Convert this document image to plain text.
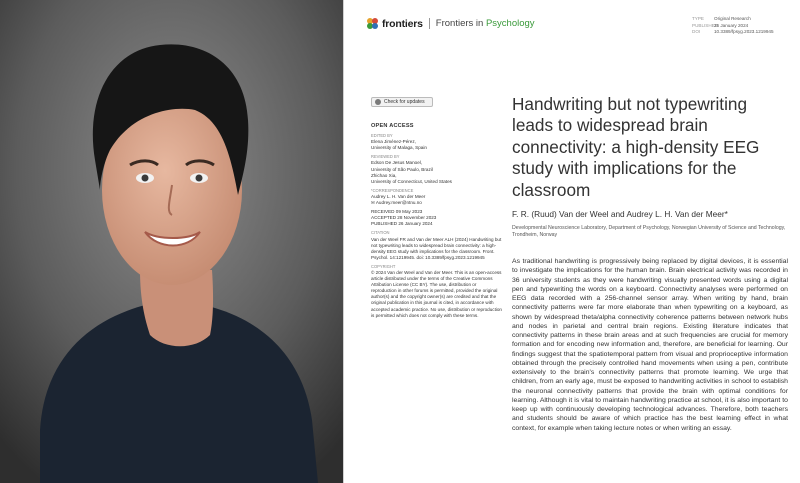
frontiers Frontiers in Psychology	TYPE Original Research
PUBLISHED26 January 2024
DOI	10.3389/fpsyg.2023.1219945
Check for updates
OPEN ACCESS
EDITED BY
Elena Jiménez-Pérez,
University of Malaga, Spain
REVIEWED BY
Edson De Jesus Manoel,
University of São Paulo, Brazil
Zhichao Xia,
University of Connecticut, United States
*CORRESPONDENCE
Audrey L. H. Van der Meer
✉ Audrey.meer@ntnu.no
RECEIVED 09 May 2023
ACCEPTED 28 November 2023
PUBLISHED 26 January 2024
CITATION
Van der Weel FR and Van der Meer ALH (2024) Handwriting but not typewriting leads to widespread brain connectivity: a high-density EEG study with implications for the classroom. Front. Psychol. 14:1219945. doi: 10.3389/fpsyg.2023.1219945
COPYRIGHT
© 2024 Van der Weel and Van der Meer. This is an open-access article distributed under the terms of the Creative Commons Attribution License (CC BY). The use, distribution or reproduction in other forums is permitted, provided the original author(s) and the copyright owner(s) are credited and that the original publication in this journal is cited, in accordance with accepted academic practice. No use, distribution or reproduction is permitted which does not comply with these terms.
Handwriting but not typewriting leads to widespread brain connectivity: a high-density EEG study with implications for the classroom
F. R. (Ruud) Van der Weel and Audrey L. H. Van der Meer*
Developmental Neuroscience Laboratory, Department of Psychology, Norwegian University of Science and Technology, Trondheim, Norway

As traditional handwriting is progressively being replaced by digital devices, it is essential to investigate the implications for the human brain. Brain electrical activity was recorded in 36 university students as they were handwriting visually presented words using a digital pen and typewriting the words on a keyboard. Connectivity analyses were performed on EEG data recorded with a 256-channel sensor array. When writing by hand, brain connectivity patterns were far more elaborate than when typewriting on a keyboard, as shown by widespread theta/alpha connectivity coherence patterns between network hubs and nodes in parietal and central brain regions. Existing literature indicates that connectivity patterns in these brain areas and at such frequencies are crucial for memory formation and for encoding new information and, therefore, are beneficial for learning. Our findings suggest that the spatiotemporal pattern from visual and proprioceptive information obtained through the precisely controlled hand movements when using a pen, contribute extensively to the brain's connectivity patterns that promote learning. We urge that children, from an early age, must be exposed to handwriting activities in school to establish the neuronal connectivity patterns that provide the brain with optimal conditions for learning. Although it is vital to maintain handwriting practice at school, it is also important to keep up with continuously developing technological advances. Therefore, both teachers and students should be aware of which practice has the best learning effect in what context, for example when taking lecture notes or when writing an essay.
